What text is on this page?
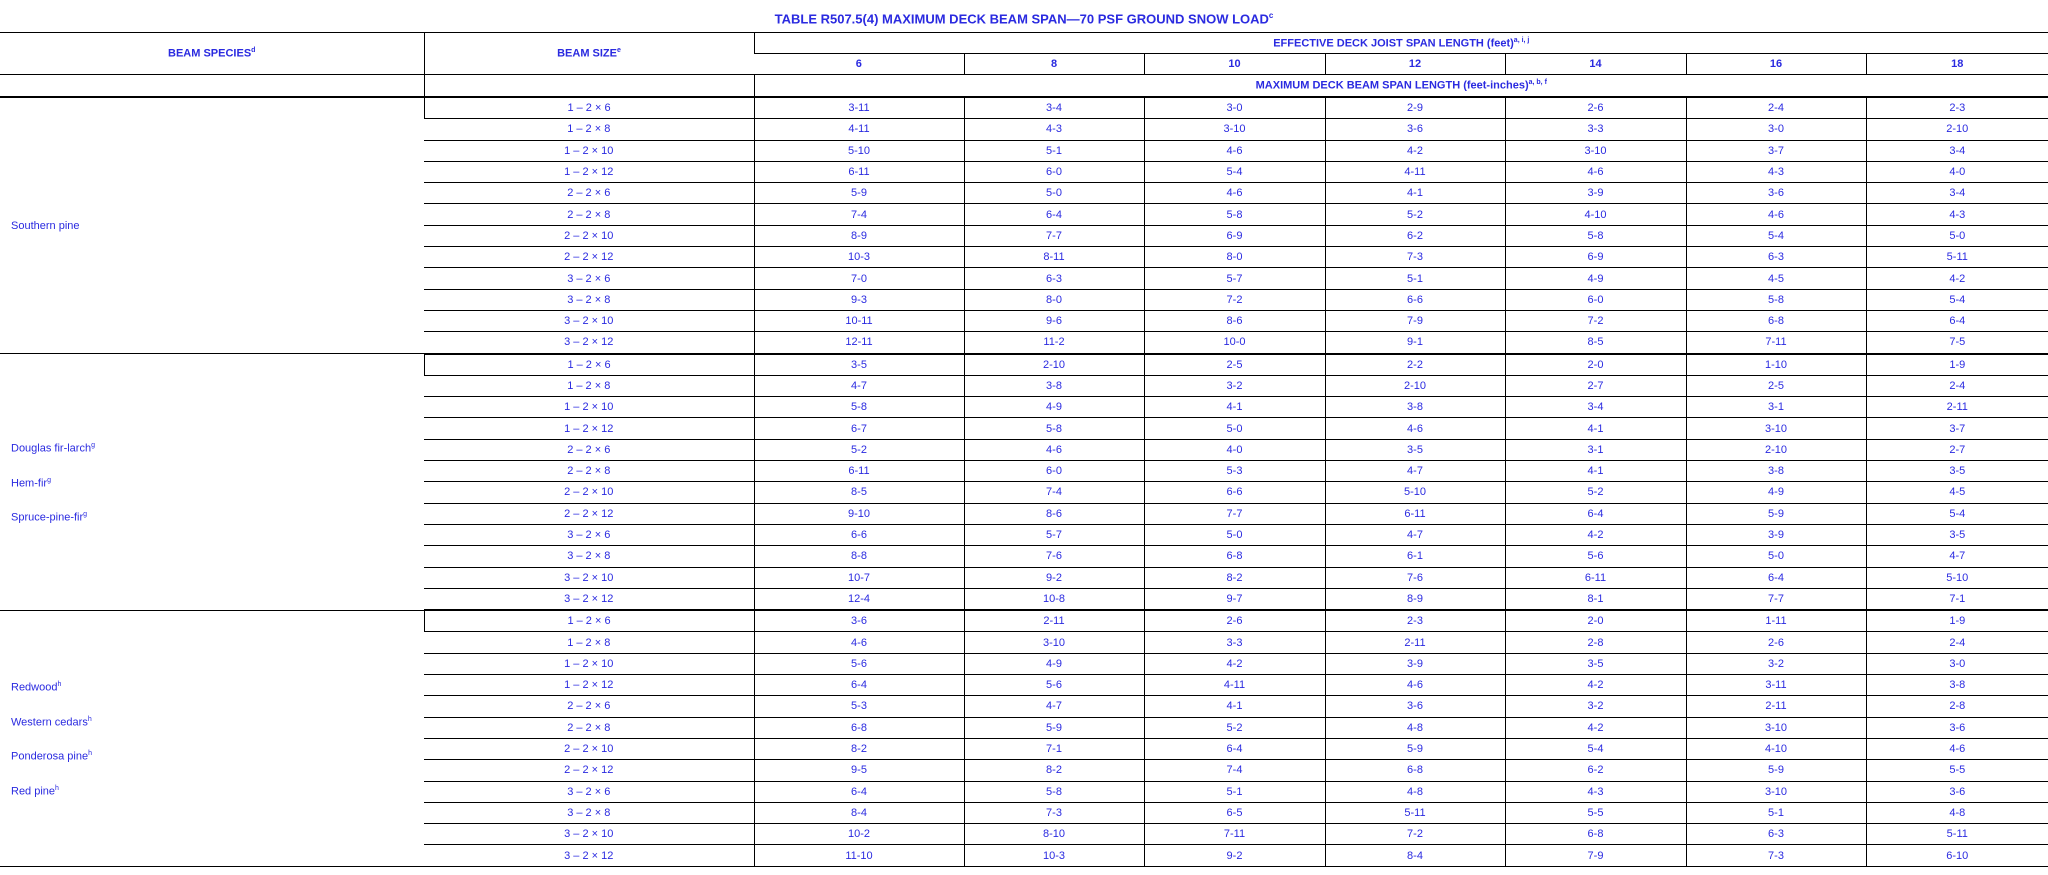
TABLE R507.5(4) MAXIMUM DECK BEAM SPAN—70 PSF GROUND SNOW LOAD$^c$
BEAM SPECIES$^d$	BEAM SIZE$^e$	EFFECTIVE DECK JOIST SPAN LENGTH (feet)$^{a, i, j}$
		6	8	10	12	14	16	18
		MAXIMUM DECK BEAM SPAN LENGTH (feet-inches)$^{a, b, f}$

Southern pine	1 – 2 × 6	3-11	3-4	3-0	2-9	2-6	2-4	2-3
	1 – 2 × 8	4-11	4-3	3-10	3-6	3-3	3-0	2-10
	1 – 2 × 10	5-10	5-1	4-6	4-2	3-10	3-7	3-4
	1 – 2 × 12	6-11	6-0	5-4	4-11	4-6	4-3	4-0
	2 – 2 × 6	5-9	5-0	4-6	4-1	3-9	3-6	3-4
	2 – 2 × 8	7-4	6-4	5-8	5-2	4-10	4-6	4-3
	2 – 2 × 10	8-9	7-7	6-9	6-2	5-8	5-4	5-0
	2 – 2 × 12	10-3	8-11	8-0	7-3	6-9	6-3	5-11
	3 – 2 × 6	7-0	6-3	5-7	5-1	4-9	4-5	4-2
	3 – 2 × 8	9-3	8-0	7-2	6-6	6-0	5-8	5-4
	3 – 2 × 10	10-11	9-6	8-6	7-9	7-2	6-8	6-4
	3 – 2 × 12	12-11	11-2	10-0	9-1	8-5	7-11	7-5

Douglas fir-larch$^g$
Hem-fir$^g$
Spruce-pine-fir$^g$	1 – 2 × 6	3-5	2-10	2-5	2-2	2-0	1-10	1-9
	1 – 2 × 8	4-7	3-8	3-2	2-10	2-7	2-5	2-4
	1 – 2 × 10	5-8	4-9	4-1	3-8	3-4	3-1	2-11
	1 – 2 × 12	6-7	5-8	5-0	4-6	4-1	3-10	3-7
	2 – 2 × 6	5-2	4-6	4-0	3-5	3-1	2-10	2-7
	2 – 2 × 8	6-11	6-0	5-3	4-7	4-1	3-8	3-5
	2 – 2 × 10	8-5	7-4	6-6	5-10	5-2	4-9	4-5
	2 – 2 × 12	9-10	8-6	7-7	6-11	6-4	5-9	5-4
	3 – 2 × 6	6-6	5-7	5-0	4-7	4-2	3-9	3-5
	3 – 2 × 8	8-8	7-6	6-8	6-1	5-6	5-0	4-7
	3 – 2 × 10	10-7	9-2	8-2	7-6	6-11	6-4	5-10
	3 – 2 × 12	12-4	10-8	9-7	8-9	8-1	7-7	7-1

Redwood$^h$
Western cedars$^h$
Ponderosa pine$^h$
Red pine$^h$	1 – 2 × 6	3-6	2-11	2-6	2-3	2-0	1-11	1-9
	1 – 2 × 8	4-6	3-10	3-3	2-11	2-8	2-6	2-4
	1 – 2 × 10	5-6	4-9	4-2	3-9	3-5	3-2	3-0
	1 – 2 × 12	6-4	5-6	4-11	4-6	4-2	3-11	3-8
	2 – 2 × 6	5-3	4-7	4-1	3-6	3-2	2-11	2-8
	2 – 2 × 8	6-8	5-9	5-2	4-8	4-2	3-10	3-6
	2 – 2 × 10	8-2	7-1	6-4	5-9	5-4	4-10	4-6
	2 – 2 × 12	9-5	8-2	7-4	6-8	6-2	5-9	5-5
	3 – 2 × 6	6-4	5-8	5-1	4-8	4-3	3-10	3-6
	3 – 2 × 8	8-4	7-3	6-5	5-11	5-5	5-1	4-8
	3 – 2 × 10	10-2	8-10	7-11	7-2	6-8	6-3	5-11
	3 – 2 × 12	11-10	10-3	9-2	8-4	7-9	7-3	6-10
